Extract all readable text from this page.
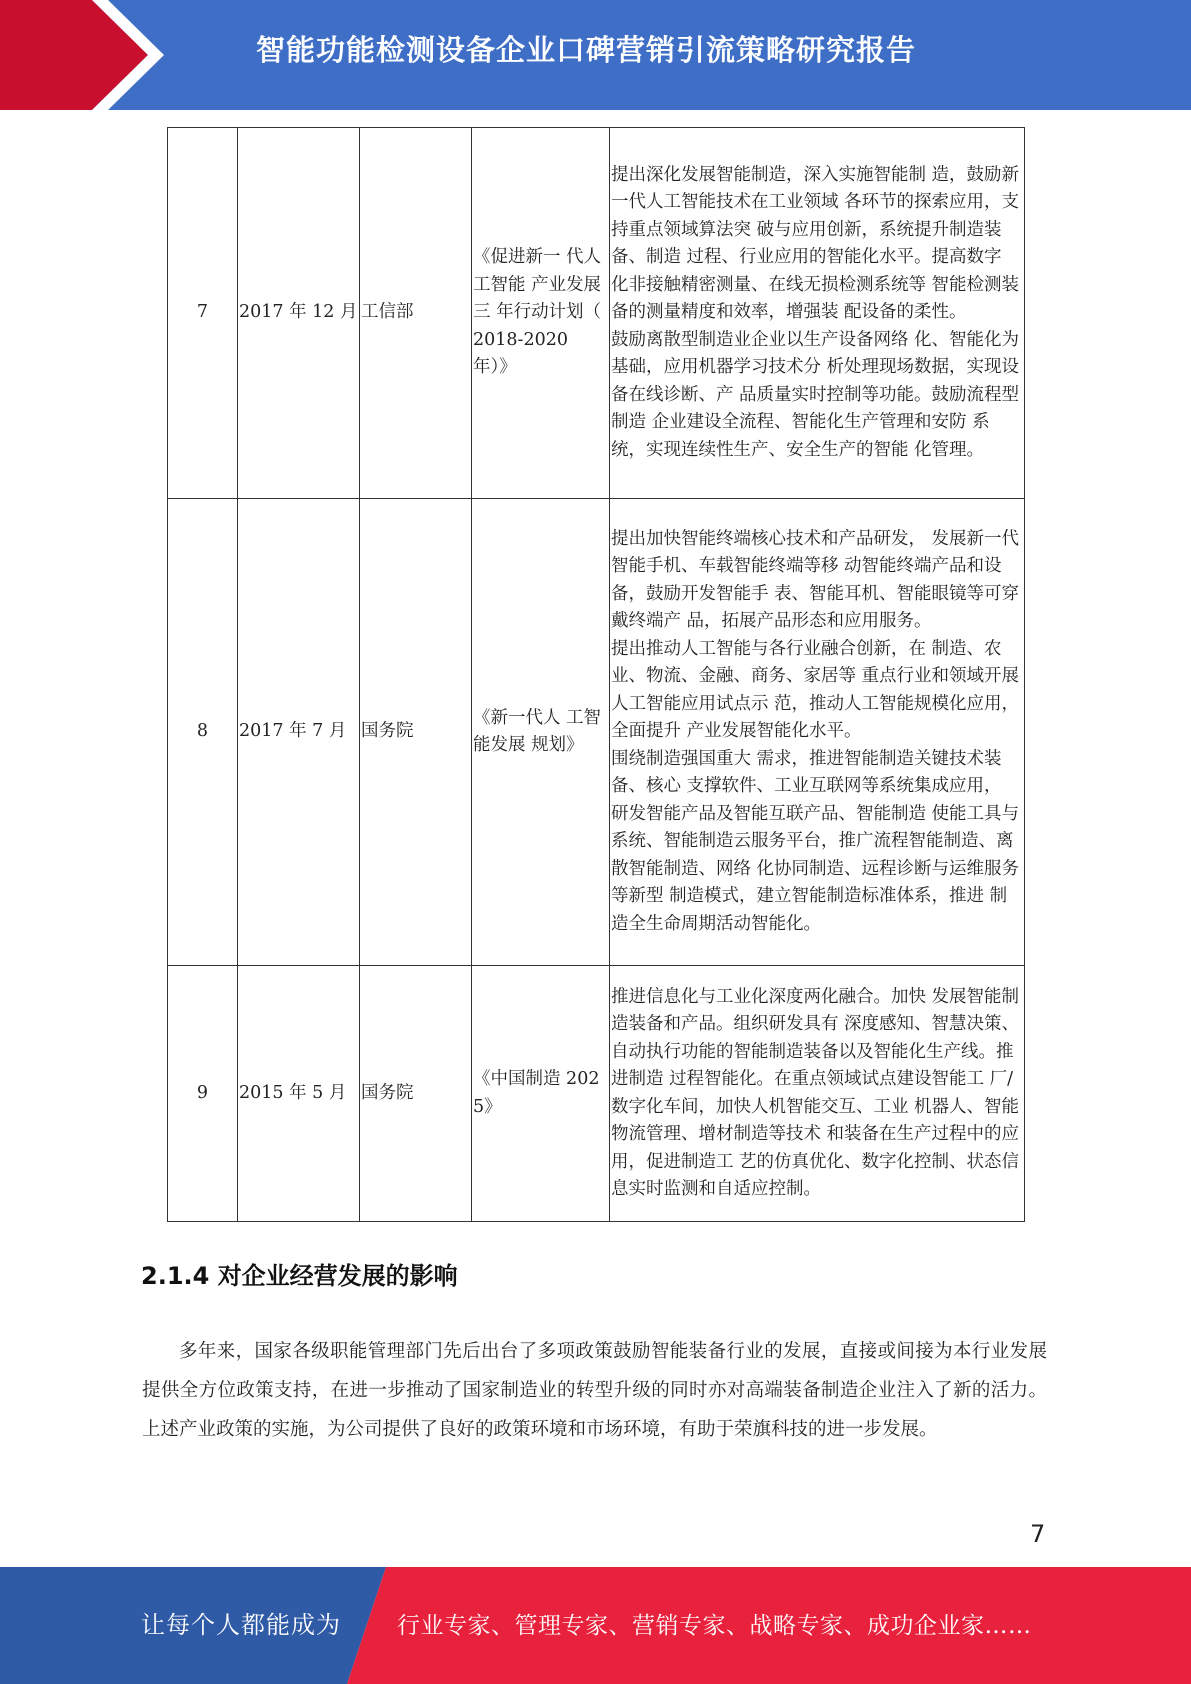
智能功能检测设备企业口碑营销引流策略研究报告
7	2017 年 12 月	工信部	《促进新一 代人工智能 产业发展三 年行动计划（ 2018-2020 年）》	提出深化发展智能制造，深入实施智能制 造，鼓励新一代人工智能技术在工业领域 各环节的探索应用，支持重点领域算法突 破与应用创新，系统提升制造装备、制造 过程、行业应用的智能化水平。提高数字 化非接触精密测量、在线无损检测系统等 智能检测装备的测量精度和效率，增强装 配设备的柔性。

鼓励离散型制造业企业以生产设备网络 化、智能化为基础，应用机器学习技术分 析处理现场数据，实现设备在线诊断、产 品质量实时控制等功能。鼓励流程型制造 企业建设全流程、智能化生产管理和安防 系统，实现连续性生产、安全生产的智能 化管理。

8	2017 年 7 月	国务院	《新一代人 工智能发展 规划》	提出加快智能终端核心技术和产品研发， 发展新一代智能手机、车载智能终端等移 动智能终端产品和设备，鼓励开发智能手 表、智能耳机、智能眼镜等可穿戴终端产 品，拓展产品形态和应用服务。

提出推动人工智能与各行业融合创新，在 制造、农业、物流、金融、商务、家居等 重点行业和领域开展人工智能应用试点示 范，推动人工智能规模化应用，全面提升 产业发展智能化水平。

围绕制造强国重大 需求，推进智能制造关键技术装备、核心 支撑软件、工业互联网等系统集成应用， 研发智能产品及智能互联产品、智能制造 使能工具与系统、智能制造云服务平台，推广流程智能制造、离散智能制造、网络 化协同制造、远程诊断与运维服务等新型 制造模式，建立智能制造标准体系，推进 制造全生命周期活动智能化。

9	2015 年 5 月	国务院	《中国制造 2025》	推进信息化与工业化深度两化融合。加快 发展智能制造装备和产品。组织研发具有 深度感知、智慧决策、自动执行功能的智能制造装备以及智能化生产线。推进制造 过程智能化。在重点领域试点建设智能工 厂/数字化车间，加快人机智能交互、工业 机器人、智能物流管理、增材制造等技术 和装备在生产过程中的应用，促进制造工 艺的仿真优化、数字化控制、状态信息实时监测和自适应控制。

2.1.4 对企业经营发展的影响

多年来，国家各级职能管理部门先后出台了多项政策鼓励智能装备行业的发展，直接或间接为本行业发展提供全方位政策支持，在进一步推动了国家制造业的转型升级的同时亦对高端装备制造企业注入了新的活力。上述产业政策的实施，为公司提供了良好的政策环境和市场环境，有助于荣旗科技的进一步发展。

7
让每个人都能成为 行业专家、管理专家、营销专家、战略专家、成功企业家……
